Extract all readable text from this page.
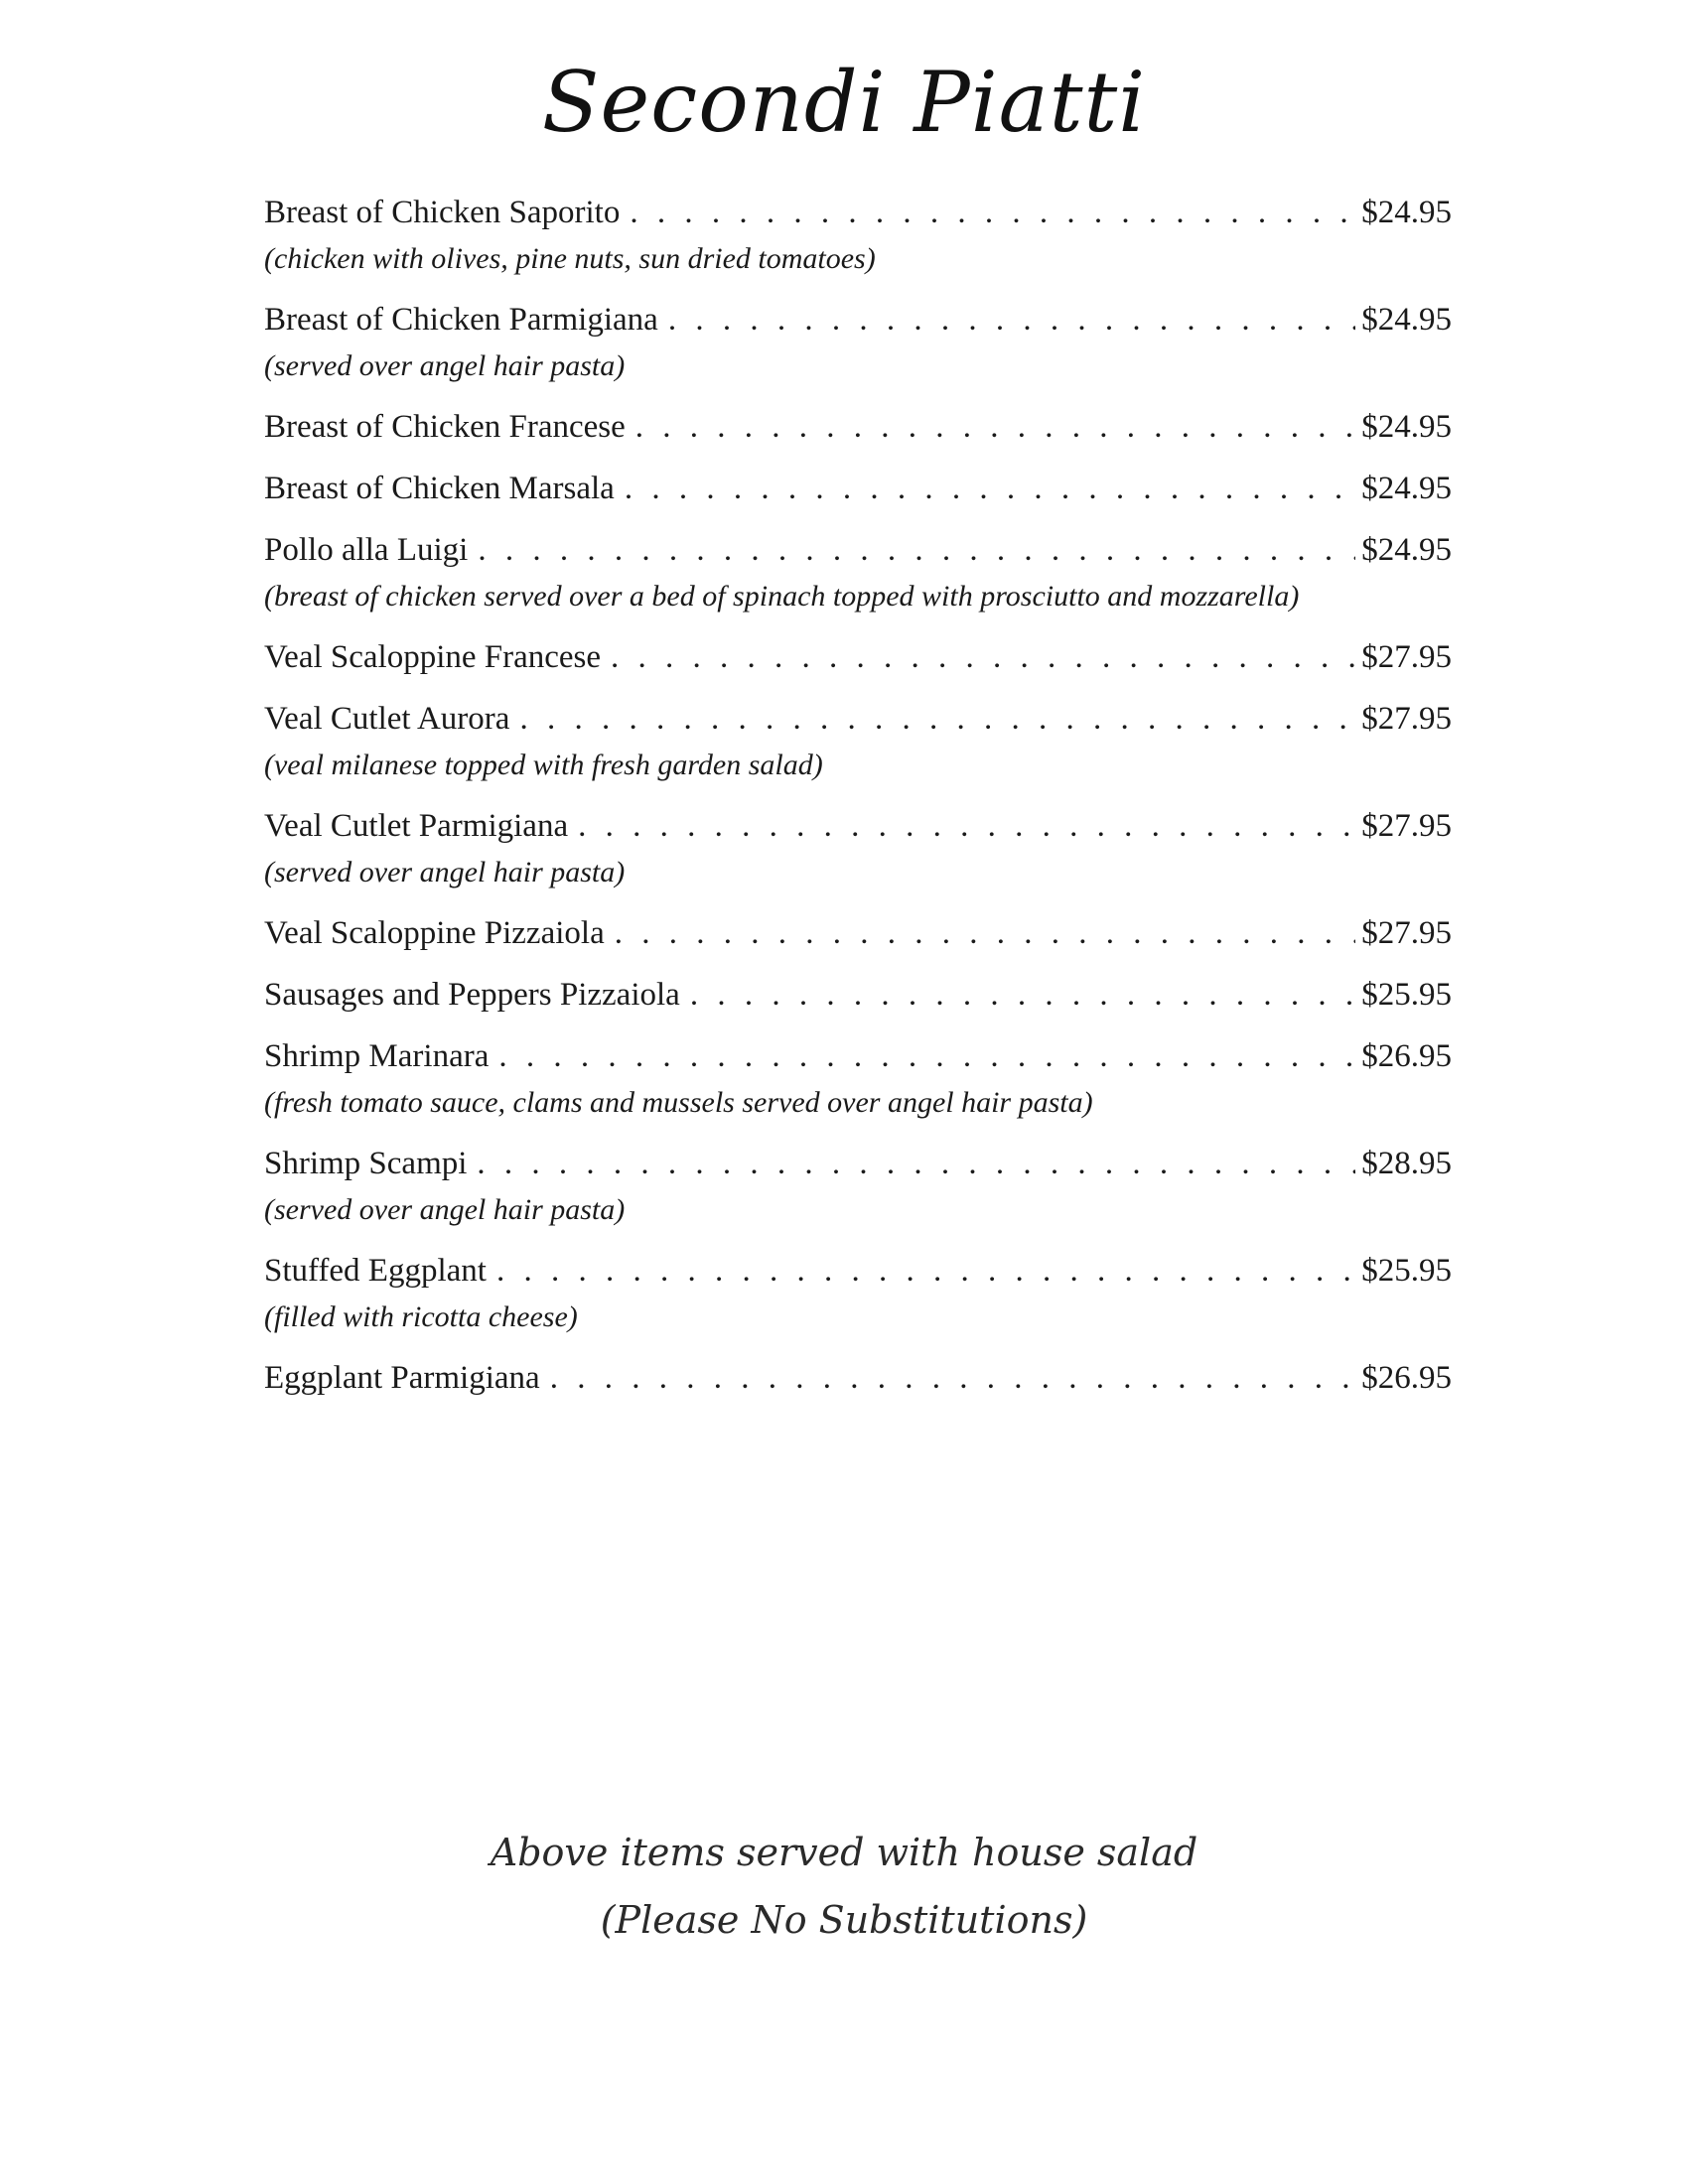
Secondi Piatti
Breast of Chicken Saporito . . .	$24.95
(chicken with olives, pine nuts, sun dried tomatoes)
Breast of Chicken Parmigiana . . .	$24.95
(served over angel hair pasta)
Breast of Chicken Francese . . .	$24.95
Breast of Chicken Marsala . . .	$24.95
Pollo alla Luigi . . .	$24.95
(breast of chicken served over a bed of spinach topped with prosciutto and mozzarella)
Veal Scaloppine Francese . . .	$27.95
Veal Cutlet Aurora . . .	$27.95
(veal milanese topped with fresh garden salad)
Veal Cutlet Parmigiana . . .	$27.95
(served over angel hair pasta)
Veal Scaloppine Pizzaiola . . .	$27.95
Sausages and Peppers Pizzaiola . . .	$25.95
Shrimp Marinara . . .	$26.95
(fresh tomato sauce, clams and mussels served over angel hair pasta)
Shrimp Scampi . . .	$28.95
(served over angel hair pasta)
Stuffed Eggplant . . .	$25.95
(filled with ricotta cheese)
Eggplant Parmigiana . . .	$26.95
Above items served with house salad
(Please No Substitutions)
